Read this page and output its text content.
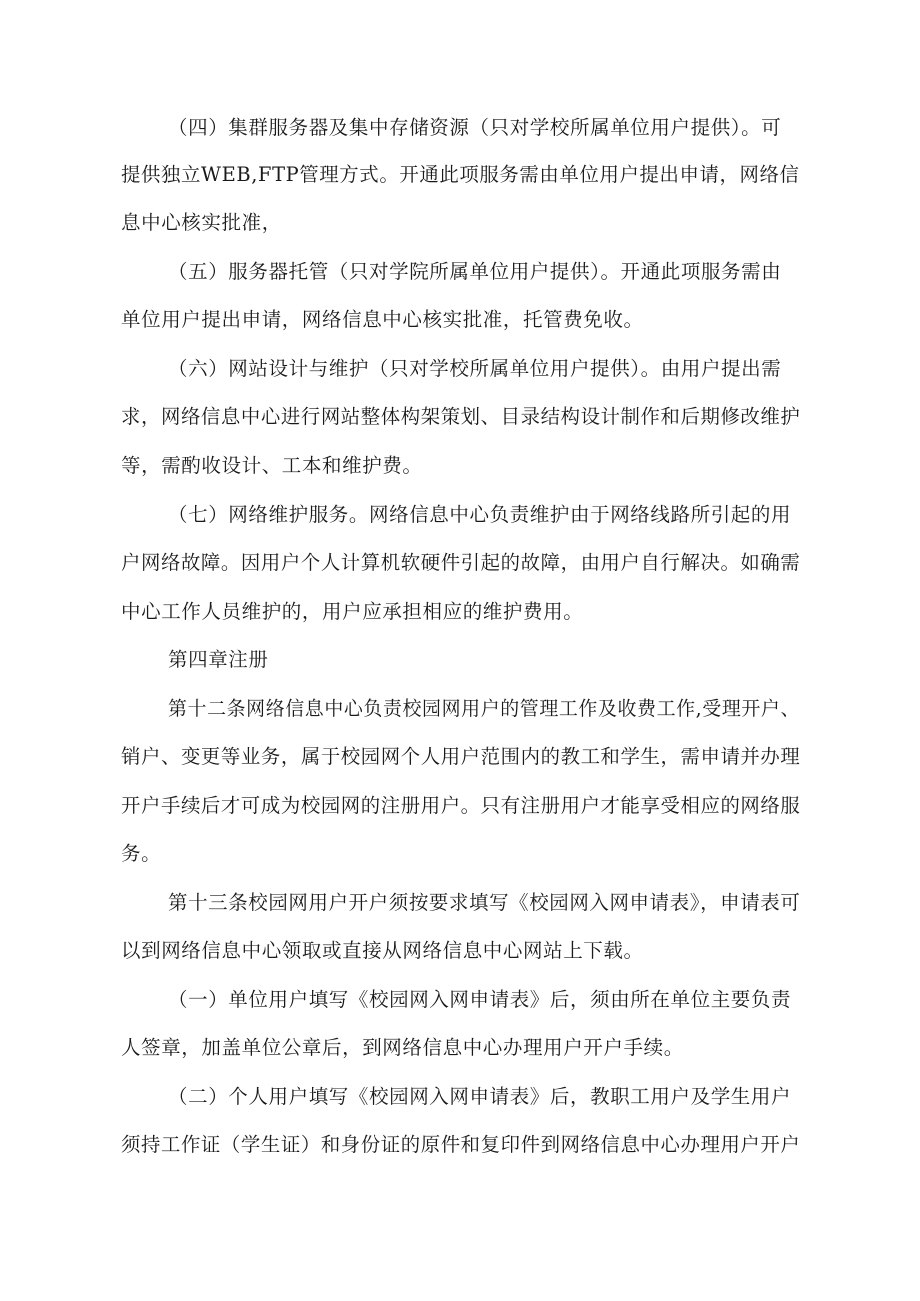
（四）集群服务器及集中存储资源（只对学校所属单位用户提供）。可
提供独立WEB,FTP管理方式。开通此项服务需由单位用户提出申请，网络信
息中心核实批准，
（五）服务器托管（只对学院所属单位用户提供）。开通此项服务需由
单位用户提出申请，网络信息中心核实批准，托管费免收。
（六）网站设计与维护（只对学校所属单位用户提供）。由用户提出需
求，网络信息中心进行网站整体构架策划、目录结构设计制作和后期修改维护
等，需酌收设计、工本和维护费。
（七）网络维护服务。网络信息中心负责维护由于网络线路所引起的用
户网络故障。因用户个人计算机软硬件引起的故障，由用户自行解决。如确需
中心工作人员维护的，用户应承担相应的维护费用。
第四章注册
第十二条网络信息中心负责校园网用户的管理工作及收费工作,受理开户、
销户、变更等业务，属于校园网个人用户范围内的教工和学生，需申请并办理
开户手续后才可成为校园网的注册用户。只有注册用户才能享受相应的网络服
务。
第十三条校园网用户开户须按要求填写《校园网入网申请表》，申请表可
以到网络信息中心领取或直接从网络信息中心网站上下载。
（一）单位用户填写《校园网入网申请表》后，须由所在单位主要负责
人签章，加盖单位公章后，到网络信息中心办理用户开户手续。
（二）个人用户填写《校园网入网申请表》后，教职工用户及学生用户
须持工作证（学生证）和身份证的原件和复印件到网络信息中心办理用户开户
